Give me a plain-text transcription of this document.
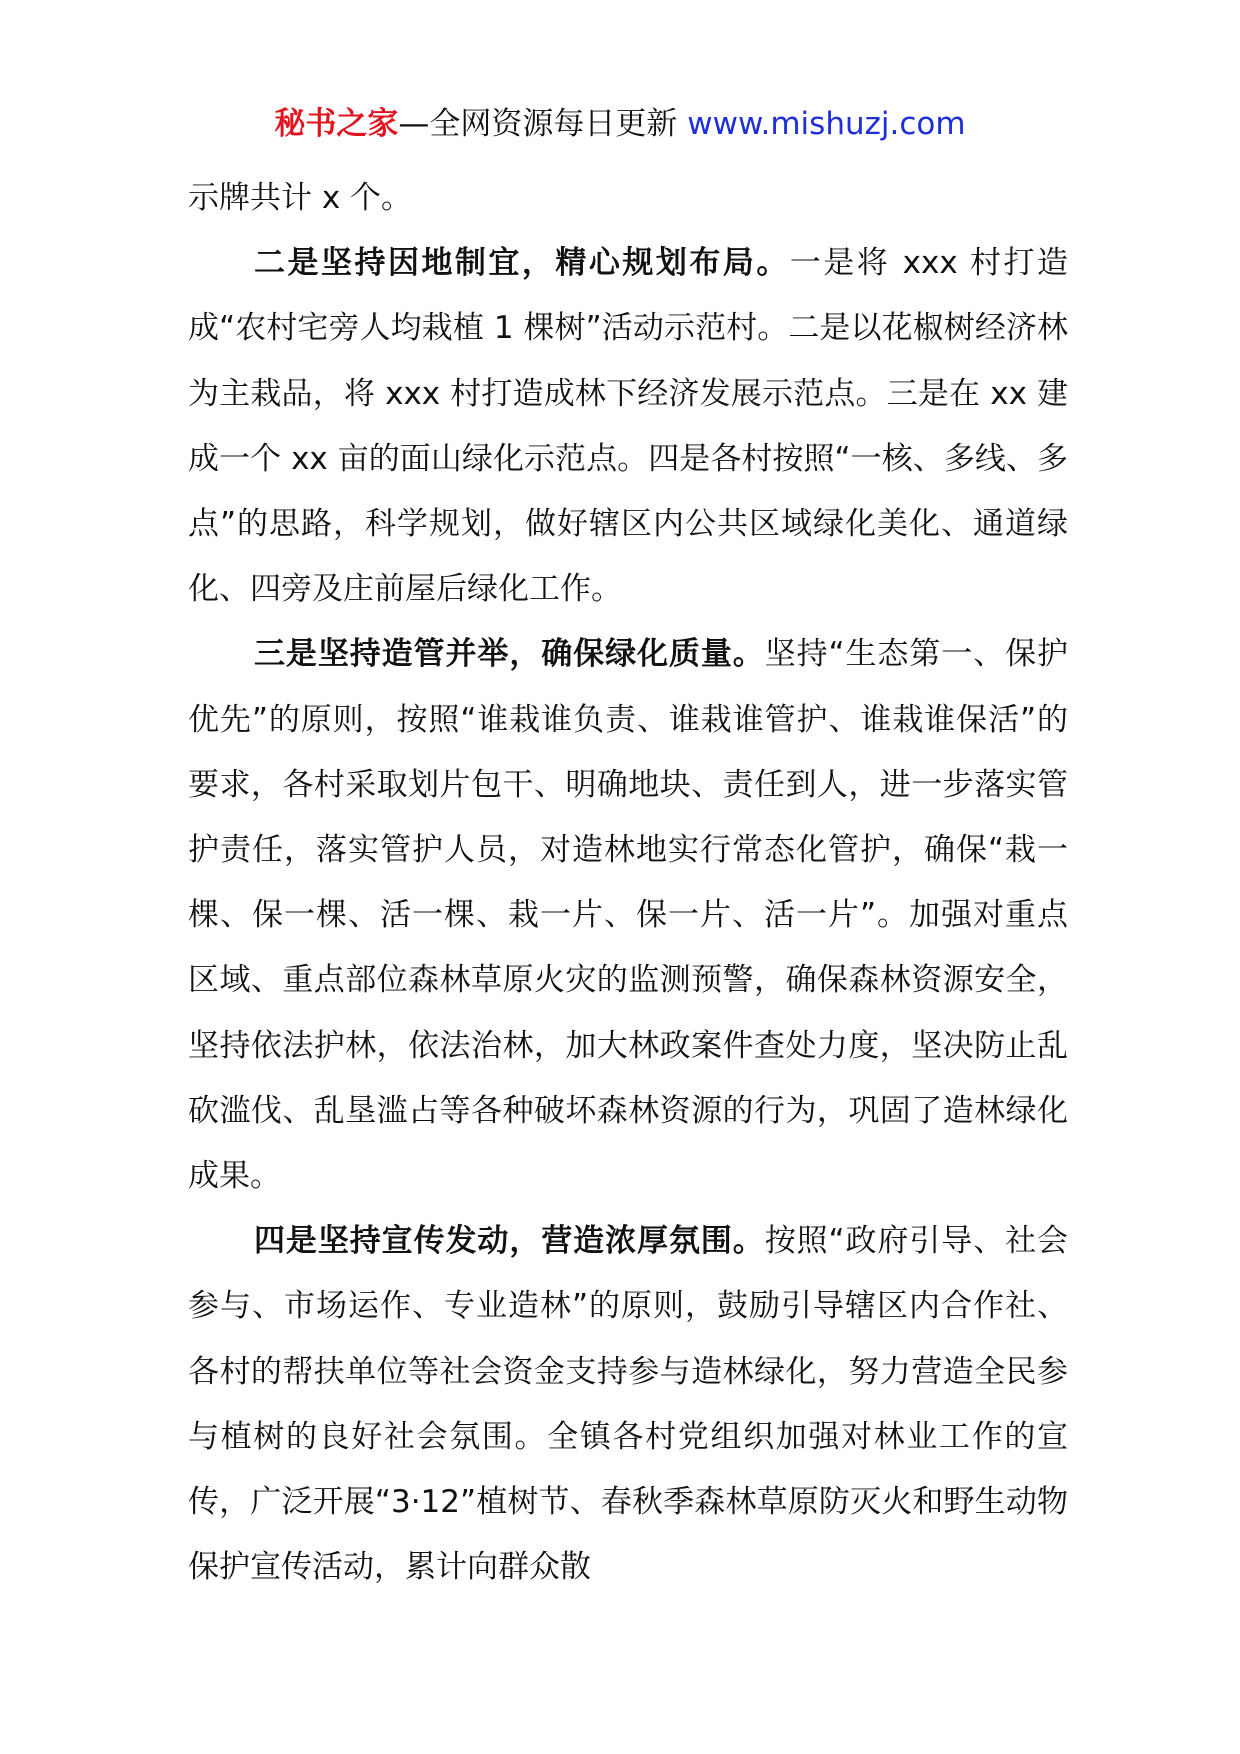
秘书之家—全网资源每日更新 www.mishuzj.com

示牌共计 x 个。

二是坚持因地制宜，精心规划布局。一是将 xxx 村打造成“农村宅旁人均栽植 1 棵树”活动示范村。二是以花椒树经济林为主栽品，将 xxx 村打造成林下经济发展示范点。三是在 xx 建成一个 xx 亩的面山绿化示范点。四是各村按照“一核、多线、多点”的思路，科学规划，做好辖区内公共区域绿化美化、通道绿化、四旁及庄前屋后绿化工作。

三是坚持造管并举，确保绿化质量。坚持“生态第一、保护优先”的原则，按照“谁栽谁负责、谁栽谁管护、谁栽谁保活”的要求，各村采取划片包干、明确地块、责任到人，进一步落实管护责任，落实管护人员，对造林地实行常态化管护，确保“栽一棵、保一棵、活一棵、栽一片、保一片、活一片”。加强对重点区域、重点部位森林草原火灾的监测预警，确保森林资源安全，坚持依法护林，依法治林，加大林政案件查处力度，坚决防止乱砍滥伐、乱垦滥占等各种破坏森林资源的行为，巩固了造林绿化成果。

四是坚持宣传发动，营造浓厚氛围。按照“政府引导、社会参与、市场运作、专业造林”的原则，鼓励引导辖区内合作社、各村的帮扶单位等社会资金支持参与造林绿化，努力营造全民参与植树的良好社会氛围。全镇各村党组织加强对林业工作的宣传，广泛开展“3·12”植树节、春秋季森林草原防灭火和野生动物保护宣传活动，累计向群众散
